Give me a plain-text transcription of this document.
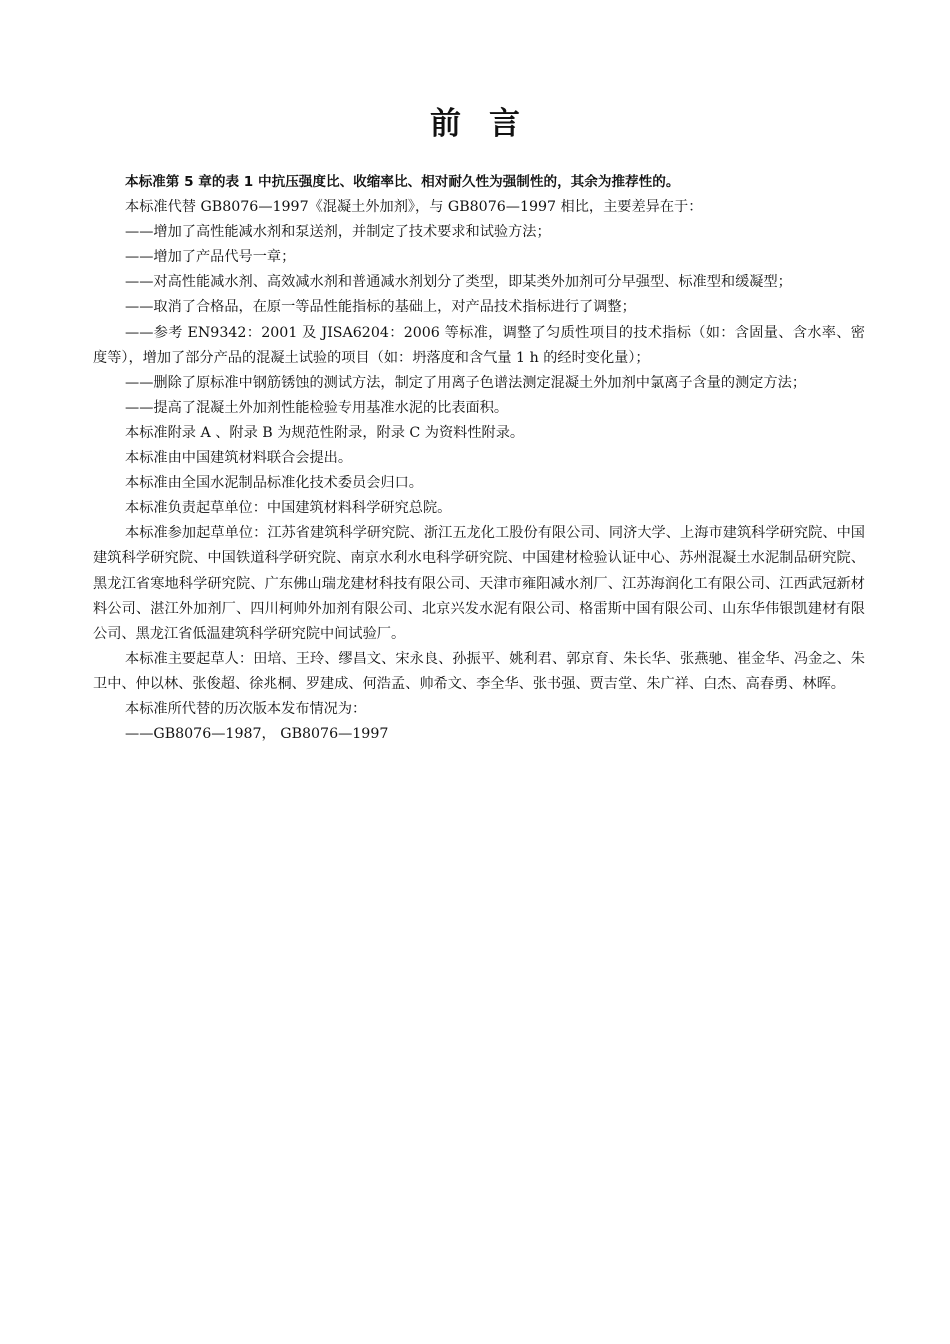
前言

本标准第 5 章的表 1 中抗压强度比、收缩率比、相对耐久性为强制性的，其余为推荐性的。

本标准代替 GB8076—1997《混凝土外加剂》，与 GB8076—1997 相比，主要差异在于：

——增加了高性能减水剂和泵送剂，并制定了技术要求和试验方法；

——增加了产品代号一章；

——对高性能减水剂、高效减水剂和普通减水剂划分了类型，即某类外加剂可分早强型、标准型和缓凝型；

——取消了合格品，在原一等品性能指标的基础上，对产品技术指标进行了调整；

——参考 EN9342：2001 及 JISA6204：2006 等标准，调整了匀质性项目的技术指标（如：含固量、含水率、密度等），增加了部分产品的混凝土试验的项目（如：坍落度和含气量 1 h 的经时变化量）；

——删除了原标准中钢筋锈蚀的测试方法，制定了用离子色谱法测定混凝土外加剂中氯离子含量的测定方法；

——提高了混凝土外加剂性能检验专用基准水泥的比表面积。

本标准附录 A 、附录 B 为规范性附录，附录 C 为资料性附录。

本标准由中国建筑材料联合会提出。

本标准由全国水泥制品标准化技术委员会归口。

本标准负责起草单位：中国建筑材料科学研究总院。

本标准参加起草单位：江苏省建筑科学研究院、浙江五龙化工股份有限公司、同济大学、上海市建筑科学研究院、中国建筑科学研究院、中国铁道科学研究院、南京水利水电科学研究院、中国建材检验认证中心、苏州混凝土水泥制品研究院、黑龙江省寒地科学研究院、广东佛山瑞龙建材科技有限公司、天津市雍阳减水剂厂、江苏海润化工有限公司、江西武冠新材料公司、湛江外加剂厂、四川柯帅外加剂有限公司、北京兴发水泥有限公司、格雷斯中国有限公司、山东华伟银凯建材有限公司、黑龙江省低温建筑科学研究院中间试验厂。

本标准主要起草人：田培、王玲、缪昌文、宋永良、孙振平、姚利君、郭京育、朱长华、张燕驰、崔金华、冯金之、朱卫中、仲以林、张俊超、徐兆桐、罗建成、何浩孟、帅希文、李全华、张书强、贾吉堂、朱广祥、白杰、高春勇、林晖。

本标准所代替的历次版本发布情况为：

——GB8076—1987， GB8076—1997
